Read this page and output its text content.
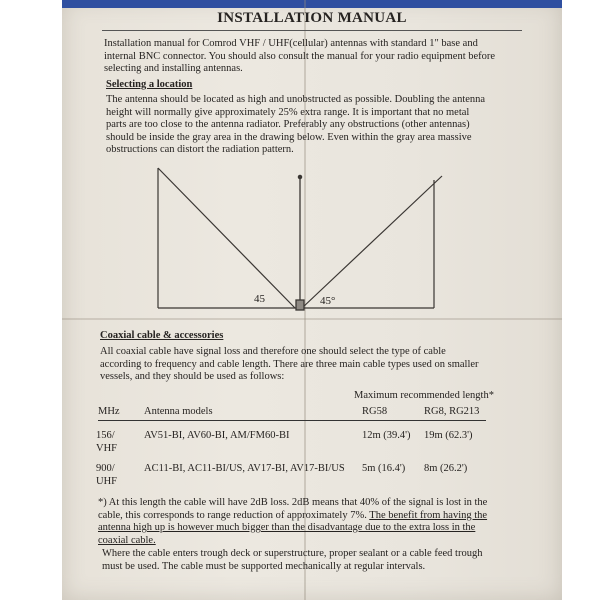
INSTALLATION MANUAL
Installation manual for Comrod VHF / UHF(cellular) antennas with standard 1" base and internal BNC connector. You should also consult the manual for your radio equipment before selecting and installing antennas.
Selecting a location
The antenna should be located as high and unobstructed as possible. Doubling the antenna height will normally give approximately 25% extra range. It is important that no metal parts are too close to the antenna radiator. Preferably any obstructions (other antennas) should be inside the gray area in the drawing below. Even within the gray area massive obstructions can distort the radiation pattern.
45	45°
Coaxial cable & accessories
All coaxial cable have signal loss and therefore one should select the type of cable according to frequency and cable length. There are three main cable types used on smaller vessels, and they should be used as follows:
Maximum recommended length*
MHz Antenna models	RG58	RG8, RG213
156/
VHF
AV51-BI, AV60-BI, AM/FM60-BI	12m (39.4') 19m (62.3')
900/
UHF
AC11-BI, AC11-BI/US, AV17-BI, AV17-BI/US 5m (16.4') 8m (26.2')
*) At this length the cable will have 2dB loss. 2dB means that 40% of the signal is lost in the cable, this corresponds to range reduction of approximately 7%. The benefit from having the antenna high up is however much bigger than the disadvantage due to the extra loss in the coaxial cable.
Where the cable enters trough deck or superstructure, proper sealant or a cable feed trough must be used. The cable must be supported mechanically at regular intervals.
